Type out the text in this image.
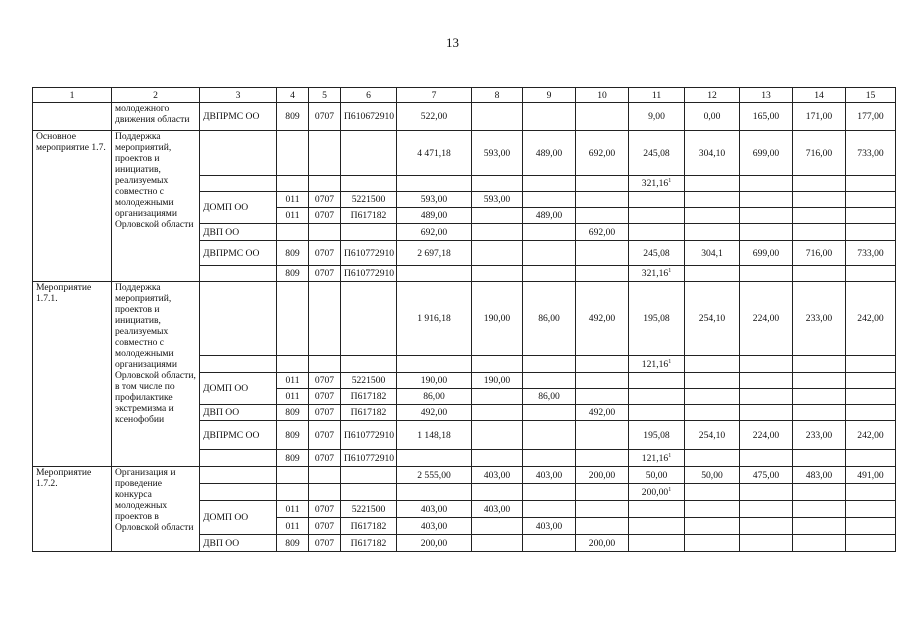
13
1	2	3	4	5	6	7	8	9	10	11	12	13	14	15
	молодежного движения области	ДВПРМС ОО	809	0707	П610672910	522,00				9,00	0,00	165,00	171,00	177,00
Основное мероприятие 1.7.	Поддержка мероприятий, проектов и инициатив, реализуемых совместно с молодежными организациями Орловской области					4 471,18	593,00	489,00	692,00	245,08	304,10	699,00	716,00	733,00
										321,16$^1$				
		ДОМП ОО	011	0707	5221500	593,00	593,00							
			011	0707	П617182	489,00		489,00						
		ДВП ОО				692,00			692,00					
		ДВПРМС ОО	809	0707	П610772910	2 697,18				245,08	304,1	699,00	716,00	733,00
			809	0707	П610772910					321,16$^1$				
Мероприятие 1.7.1.	Поддержка мероприятий, проектов и инициатив, реализуемых совместно с молодежными организациями Орловской области, в том числе по профилактике экстремизма и ксенофобии					1 916,18	190,00	86,00	492,00	195,08	254,10	224,00	233,00	242,00
										121,16$^1$				
		ДОМП ОО	011	0707	5221500	190,00	190,00							
			011	0707	П617182	86,00		86,00						
		ДВП ОО	809	0707	П617182	492,00			492,00					
		ДВПРМС ОО	809	0707	П610772910	1 148,18				195,08	254,10	224,00	233,00	242,00
			809	0707	П610772910					121,16$^1$				
Мероприятие 1.7.2.	Организация и проведение конкурса молодежных проектов в Орловской области					2 555,00	403,00	403,00	200,00	50,00	50,00	475,00	483,00	491,00
										200,00$^1$				
		ДОМП ОО	011	0707	5221500	403,00	403,00							
			011	0707	П617182	403,00		403,00						
		ДВП ОО	809	0707	П617182	200,00			200,00					
